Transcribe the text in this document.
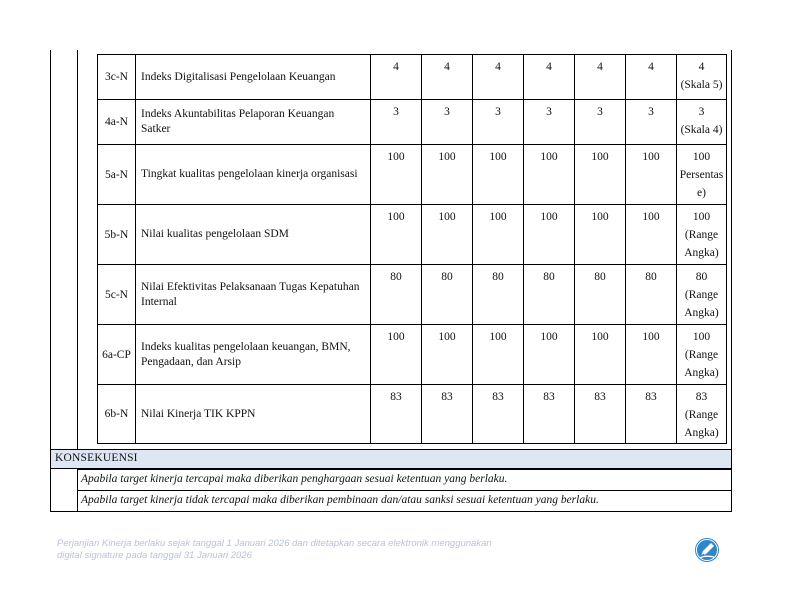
3c-N	Indeks Digitalisasi Pengelolaan Keuangan	4	4	4	4	4	4	4
(Skala 5)
4a-N	Indeks Akuntabilitas Pelaporan Keuangan Satker	3	3	3	3	3	3	3
(Skala 4)
5a-N	Tingkat kualitas pengelolaan kinerja organisasi	100	100	100	100	100	100	100
Persentas e)
5b-N	Nilai kualitas pengelolaan SDM	100	100	100	100	100	100	100
(Range Angka)
5c-N	Nilai Efektivitas Pelaksanaan Tugas Kepatuhan Internal	80	80	80	80	80	80	80
(Range Angka)
6a-CP	Indeks kualitas pengelolaan keuangan, BMN, Pengadaan, dan Arsip	100	100	100	100	100	100	100
(Range Angka)
6b-N	Nilai Kinerja TIK KPPN	83	83	83	83	83	83	83
(Range Angka)
KONSEKUENSI
Apabila target kinerja tercapai maka diberikan penghargaan sesuai ketentuan yang berlaku.
Apabila target kinerja tidak tercapai maka diberikan pembinaan dan/atau sanksi sesuai ketentuan yang berlaku.
Perjanjian Kinerja berlaku sejak tanggal 1 Januari 2026 dan ditetapkan secara elektronik menggunakan
digital signature pada tanggal 31 Januari 2026
